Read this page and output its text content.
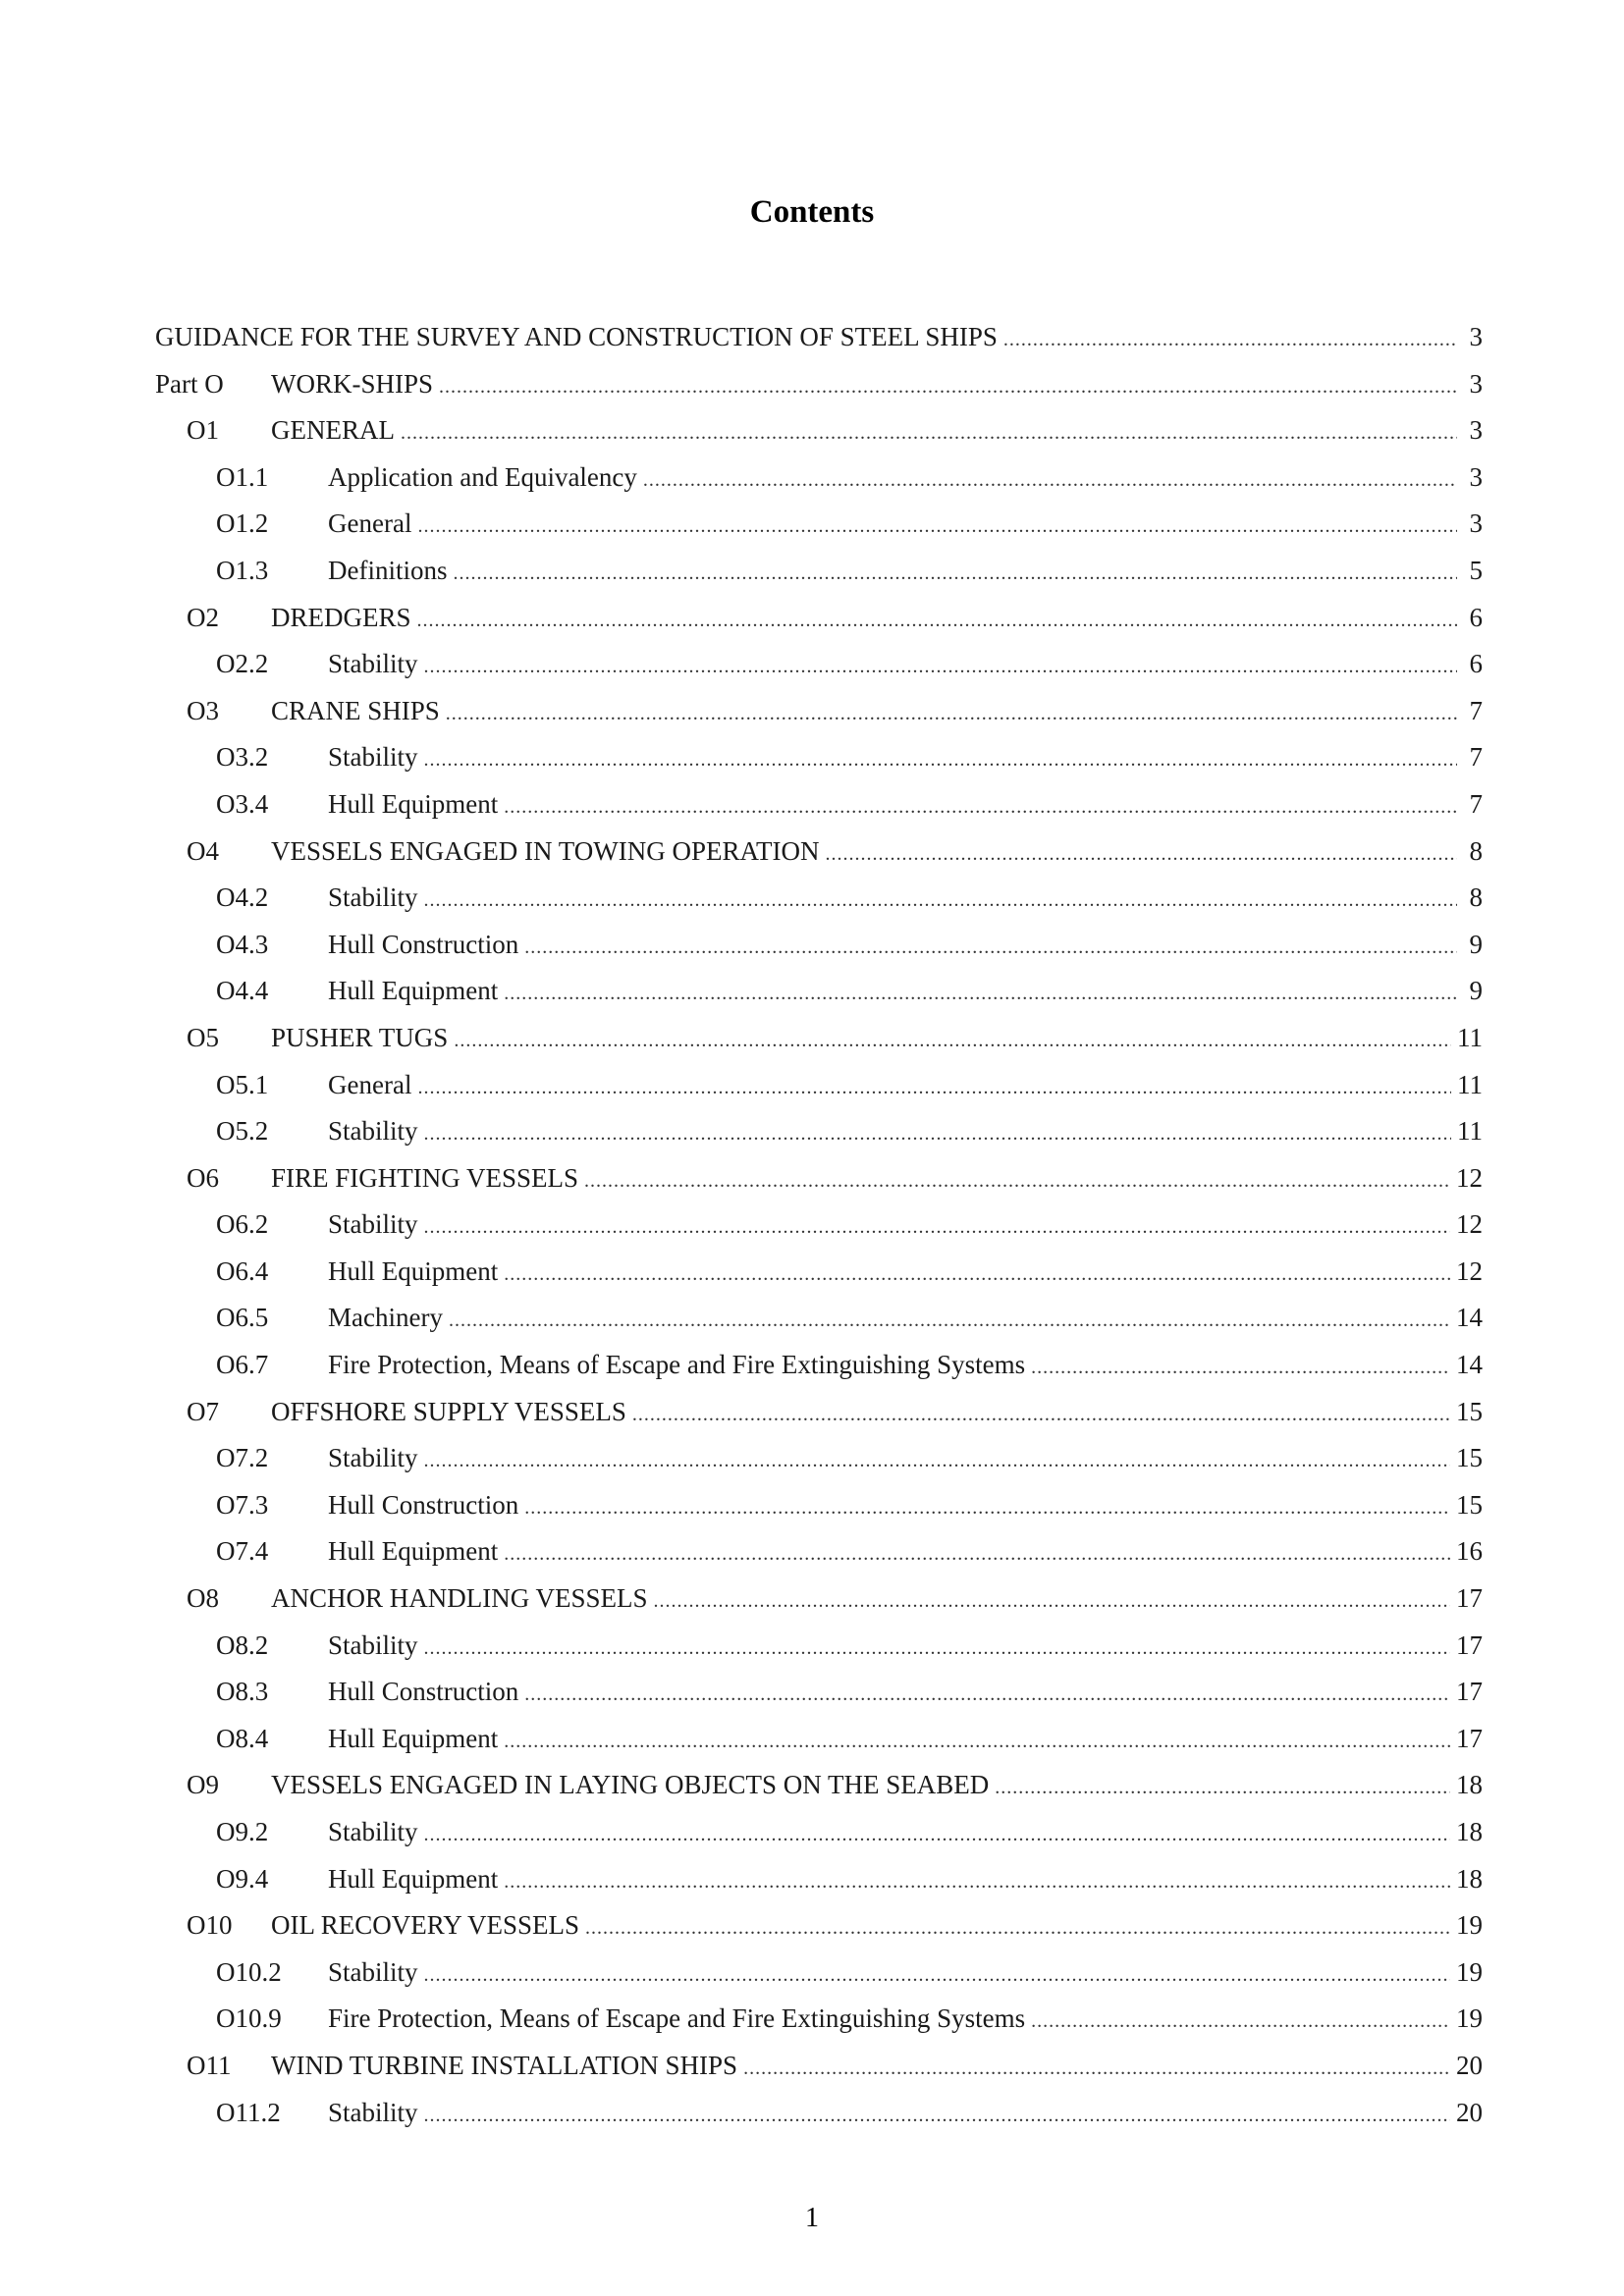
Contents
GUIDANCE FOR THE SURVEY AND CONSTRUCTION OF STEEL SHIPS .....	3
Part O	WORK-SHIPS .....	3
O1	GENERAL .....	3
O1.1	Application and Equivalency .....	3
O1.2	General .....	3
O1.3	Definitions .....	5
O2	DREDGERS .....	6
O2.2	Stability .....	6
O3	CRANE SHIPS .....	7
O3.2	Stability .....	7
O3.4	Hull Equipment .....	7
O4	VESSELS ENGAGED IN TOWING OPERATION .....	8
O4.2	Stability .....	8
O4.3	Hull Construction .....	9
O4.4	Hull Equipment .....	9
O5	PUSHER TUGS .....	11
O5.1	General .....	11
O5.2	Stability .....	11
O6	FIRE FIGHTING VESSELS .....	12
O6.2	Stability .....	12
O6.4	Hull Equipment .....	12
O6.5	Machinery .....	14
O6.7	Fire Protection, Means of Escape and Fire Extinguishing Systems .....	14
O7	OFFSHORE SUPPLY VESSELS .....	15
O7.2	Stability .....	15
O7.3	Hull Construction .....	15
O7.4	Hull Equipment .....	16
O8	ANCHOR HANDLING VESSELS .....	17
O8.2	Stability .....	17
O8.3	Hull Construction .....	17
O8.4	Hull Equipment .....	17
O9	VESSELS ENGAGED IN LAYING OBJECTS ON THE SEABED .....	18
O9.2	Stability .....	18
O9.4	Hull Equipment .....	18
O10	OIL RECOVERY VESSELS .....	19
O10.2	Stability .....	19
O10.9	Fire Protection, Means of Escape and Fire Extinguishing Systems .....	19
O11	WIND TURBINE INSTALLATION SHIPS .....	20
O11.2	Stability .....	20
1
